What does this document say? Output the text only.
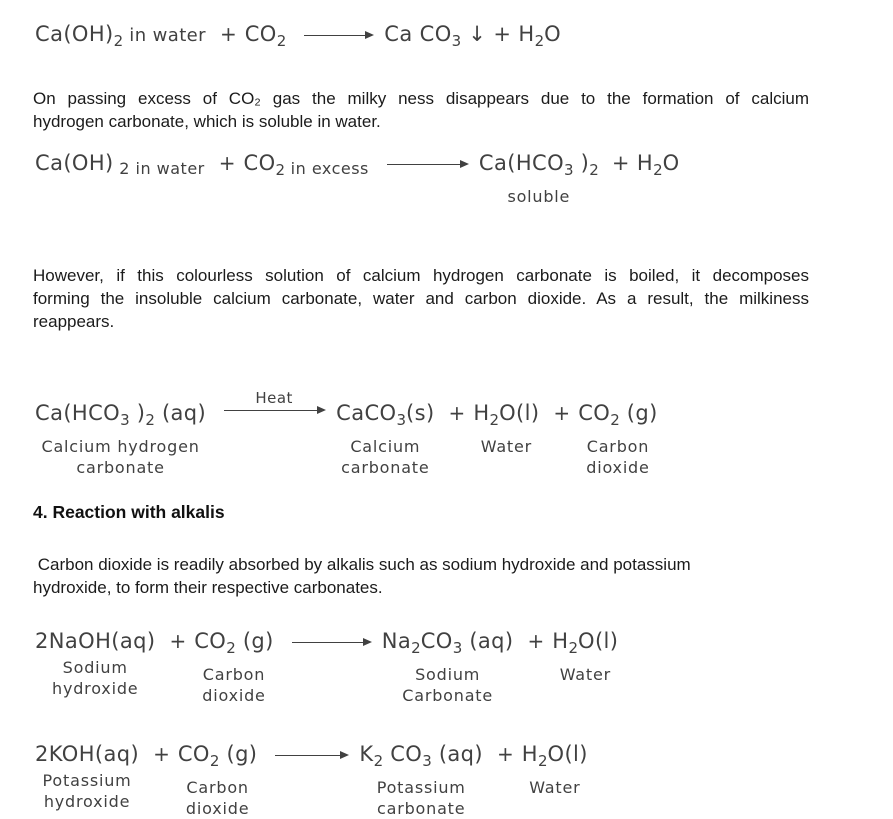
$Ca(OH)_2$ in water + $CO_2$	Ca $CO_3$ ↓ + $H_2O$
On passing excess of CO₂ gas the milky ness disappears due to the formation of calcium
hydrogen carbonate, which is soluble in water.
Ca(OH) 2 in water + $CO_2$ in excess	$Ca(HCO_3$ )$_2$
soluble
+ $H_2O$
However, if this colourless solution of calcium hydrogen carbonate is boiled, it decomposes
forming the insoluble calcium carbonate, water and carbon dioxide. As a result, the milkiness
reappears.
$Ca(HCO_3$ )$_2$ (aq)
Calcium hydrogen
carbonate
Heat
CaCO$_3$(s)
Calcium
carbonate
+ $H_2O(l)$
Water
+ $CO_2$ (g)
Carbon
dioxide
4. Reaction with alkalis
Carbon dioxide is readily absorbed by alkalis such as sodium hydroxide and potassium
hydroxide, to form their respective carbonates.
2NaOH(aq)
Sodium
hydroxide
+ $CO_2$ (g)
Carbon
dioxide
$Na_2CO_3$ (aq)
Sodium
Carbonate
+ $H_2O(l)$
Water
2KOH(aq)
Potassium
hydroxide
+ $CO_2$ (g)
Carbon
dioxide
$K_2$ $CO_3$ (aq)
Potassium
carbonate
+ $H_2O(l)$
Water
